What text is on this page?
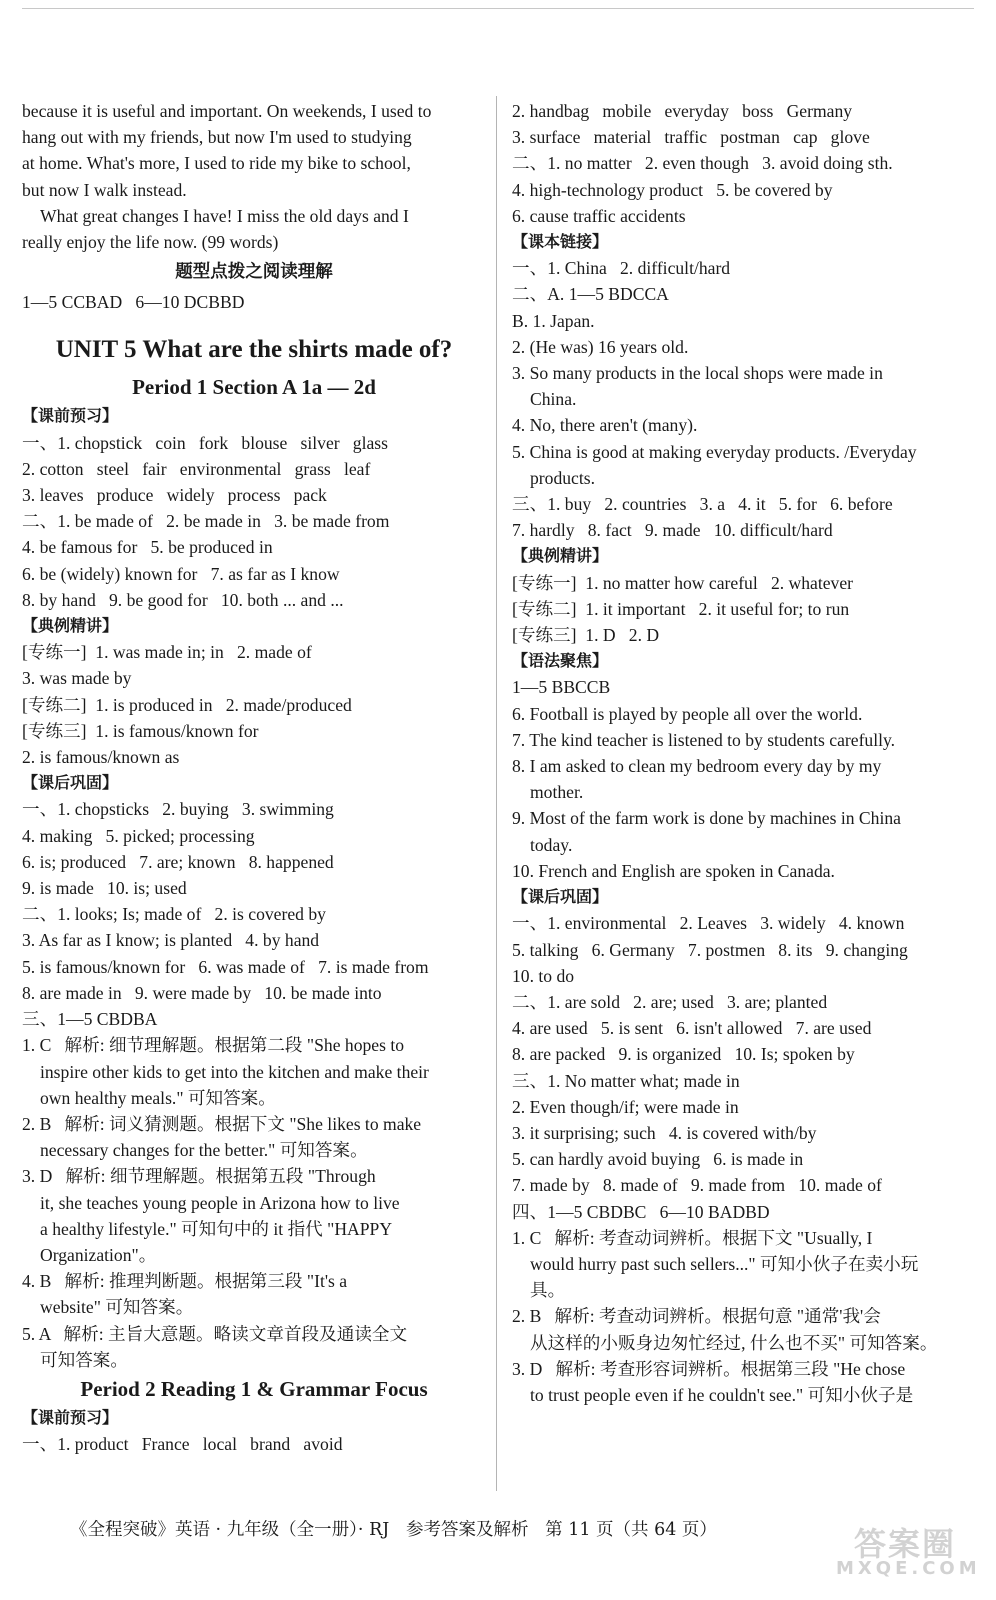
because it is useful and important. On weekends, I used to
hang out with my friends, but now I'm used to studying
at home. What's more, I used to ride my bike to school,
but now I walk instead.
What great changes I have! I miss the old days and I
really enjoy the life now. (99 words)
题型点拨之阅读理解
1—5 CCBAD   6—10 DCBBD
UNIT 5 What are the shirts made of?
Period 1 Section A 1a — 2d
【课前预习】
一、1. chopstick   coin   fork   blouse   silver   glass
2. cotton   steel   fair   environmental   grass   leaf
3. leaves   produce   widely   process   pack
二、1. be made of   2. be made in   3. be made from
4. be famous for   5. be produced in
6. be (widely) known for   7. as far as I know
8. by hand   9. be good for   10. both ... and ...
【典例精讲】
[专练一]  1. was made in; in   2. made of
3. was made by
[专练二]  1. is produced in   2. made/produced
[专练三]  1. is famous/known for
2. is famous/known as
【课后巩固】
一、1. chopsticks   2. buying   3. swimming
4. making   5. picked; processing
6. is; produced   7. are; known   8. happened
9. is made   10. is; used
二、1. looks; Is; made of   2. is covered by
3. As far as I know; is planted   4. by hand
5. is famous/known for   6. was made of   7. is made from
8. are made in   9. were made by   10. be made into
三、1—5 CBDBA
1. C   解析: 细节理解题。根据第二段 "She hopes to
inspire other kids to get into the kitchen and make their
own healthy meals." 可知答案。
2. B   解析: 词义猜测题。根据下文 "She likes to make
necessary changes for the better." 可知答案。
3. D   解析: 细节理解题。根据第五段 "Through
it, she teaches young people in Arizona how to live
a healthy lifestyle." 可知句中的 it 指代 "HAPPY
Organization"。
4. B   解析: 推理判断题。根据第三段 "It's a
website" 可知答案。
5. A   解析: 主旨大意题。略读文章首段及通读全文
可知答案。
Period 2 Reading 1 & Grammar Focus
【课前预习】
一、1. product   France   local   brand   avoid
2. handbag   mobile   everyday   boss   Germany
3. surface   material   traffic   postman   cap   glove
二、1. no matter   2. even though   3. avoid doing sth.
4. high-technology product   5. be covered by
6. cause traffic accidents
【课本链接】
一、1. China   2. difficult/hard
二、A. 1—5 BDCCA
B. 1. Japan.
2. (He was) 16 years old.
3. So many products in the local shops were made in
China.
4. No, there aren't (many).
5. China is good at making everyday products. /Everyday
products.
三、1. buy   2. countries   3. a   4. it   5. for   6. before
7. hardly   8. fact   9. made   10. difficult/hard
【典例精讲】
[专练一]  1. no matter how careful   2. whatever
[专练二]  1. it important   2. it useful for; to run
[专练三]  1. D   2. D
【语法聚焦】
1—5 BBCCB
6. Football is played by people all over the world.
7. The kind teacher is listened to by students carefully.
8. I am asked to clean my bedroom every day by my
mother.
9. Most of the farm work is done by machines in China
today.
10. French and English are spoken in Canada.
【课后巩固】
一、1. environmental   2. Leaves   3. widely   4. known
5. talking   6. Germany   7. postmen   8. its   9. changing
10. to do
二、1. are sold   2. are; used   3. are; planted
4. are used   5. is sent   6. isn't allowed   7. are used
8. are packed   9. is organized   10. Is; spoken by
三、1. No matter what; made in
2. Even though/if; were made in
3. it surprising; such   4. is covered with/by
5. can hardly avoid buying   6. is made in
7. made by   8. made of   9. made from   10. made of
四、1—5 CBDBC   6—10 BADBD
1. C   解析: 考查动词辨析。根据下文 "Usually, I
would hurry past such sellers..." 可知小伙子在卖小玩
具。
2. B   解析: 考查动词辨析。根据句意 "通常'我'会
从这样的小贩身边匆忙经过, 什么也不买" 可知答案。
3. D   解析: 考查形容词辨析。根据第三段 "He chose
to trust people even if he couldn't see." 可知小伙子是
《全程突破》英语 · 九年级（全一册）· RJ   参考答案及解析   第 11 页（共 64 页）	答案圈
MXQE.COM
